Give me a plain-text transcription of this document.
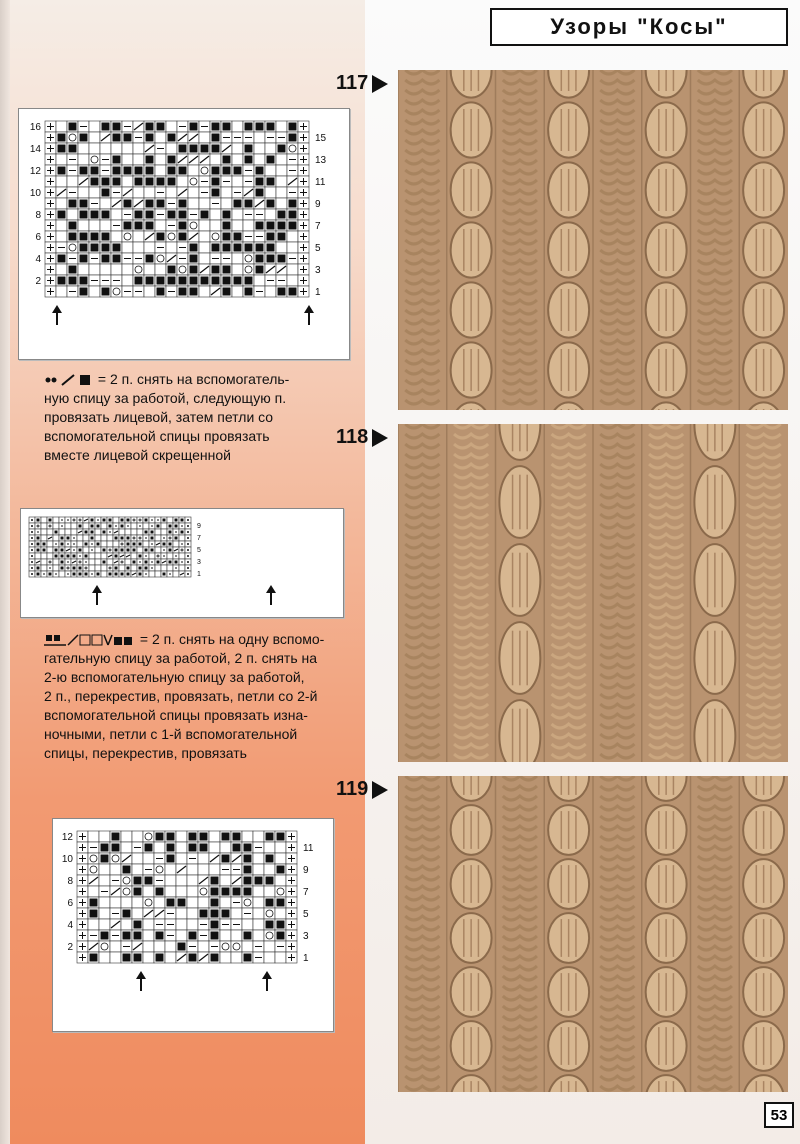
Узоры "Косы"
16
14
12
10
8
6
4
2
15
13
11
9
7
5
3
1
= 2 п. снять на вспомогатель-
ную спицу за работой, следующую п.
провязать лицевой, затем петли со
вспомогательной спицы провязать
вместе лицевой скрещенной
9
7
5
3
1
= 2 п. снять на одну вспомо-
гательную спицу за работой, 2 п. снять на
2-ю вспомогательную спицу за работой,
2 п., перекрестив, провязать, петли со 2-й
вспомогательной спицы провязать изна-
ночными, петли с 1-й вспомогательной
спицы, перекрестив, провязать
12
10
8
6
4
2
11
9
7
5
3
1
117
118
119
53
